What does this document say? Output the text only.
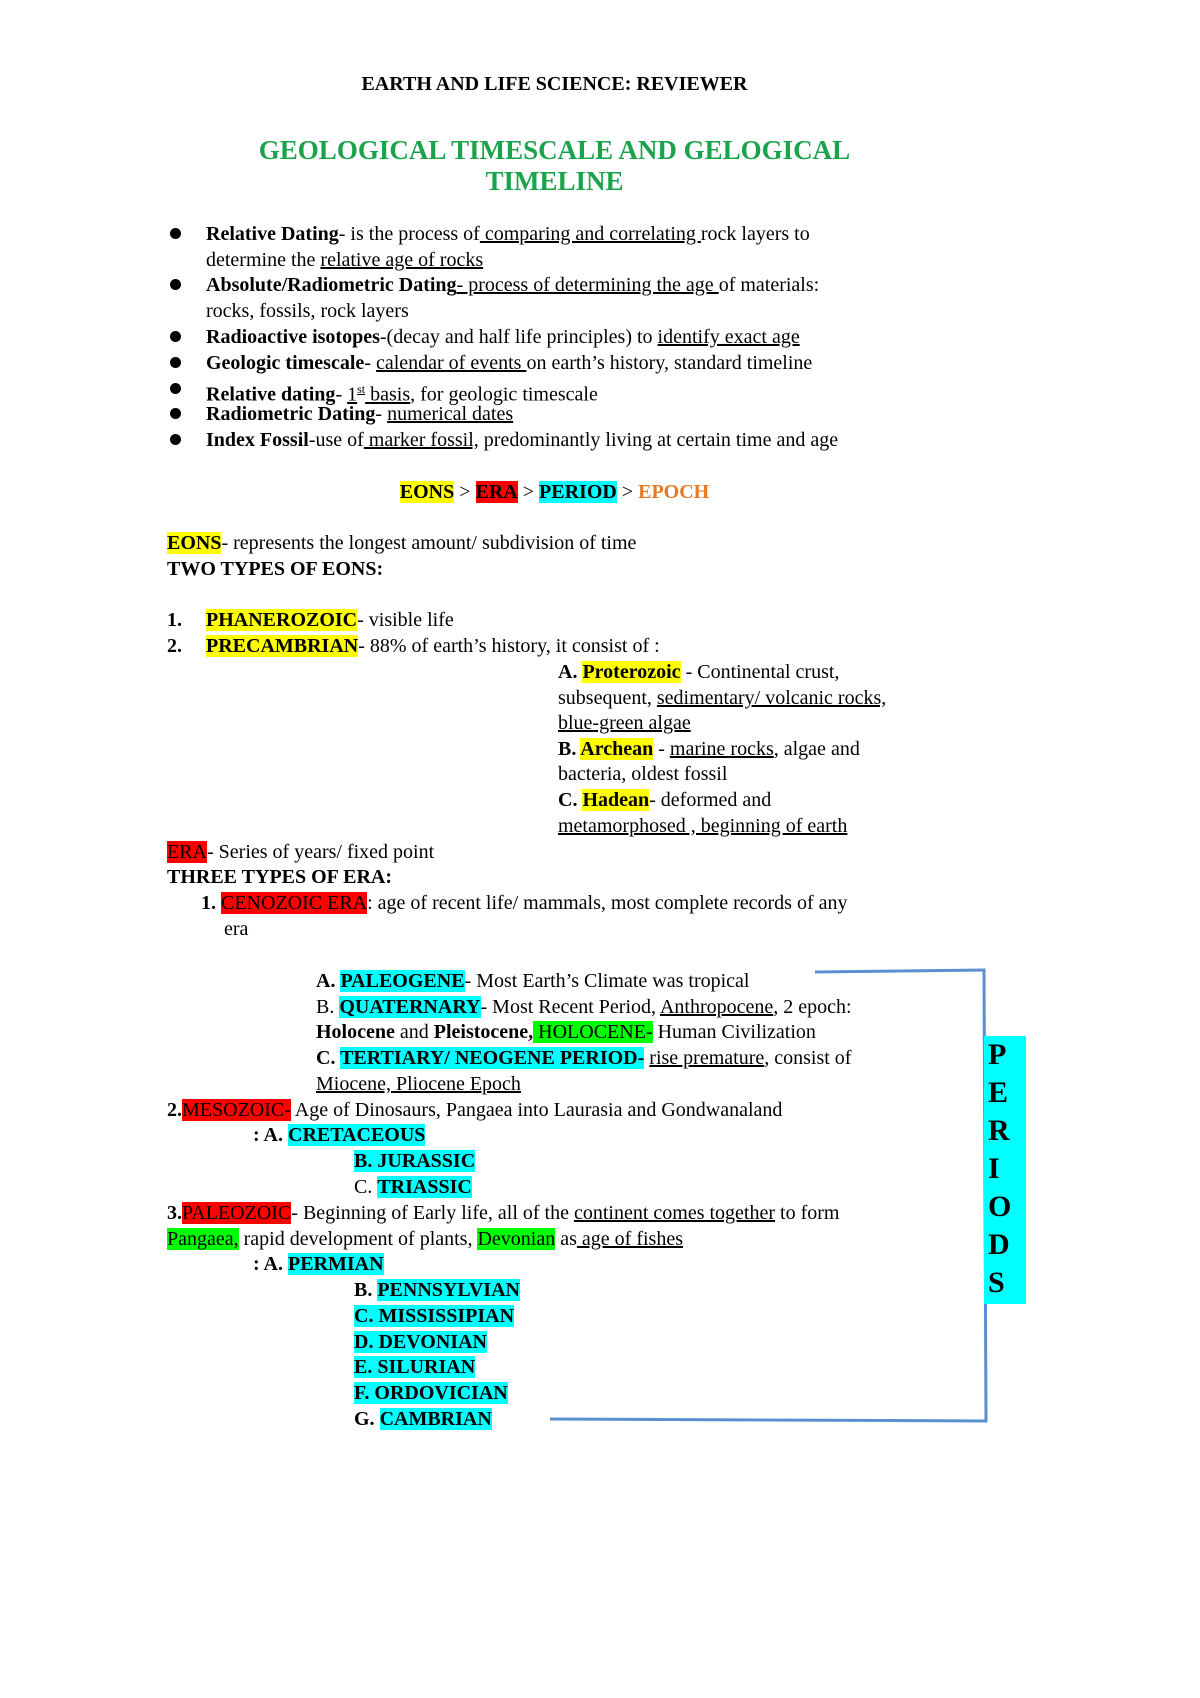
EARTH AND LIFE SCIENCE: REVIEWER
GEOLOGICAL TIMESCALE AND GELOGICAL
TIMELINE
Relative Dating- is the process of comparing and correlating rock layers to
determine the relative age of rocks
Absolute/Radiometric Dating- process of determining the age of materials:
rocks, fossils, rock layers
Radioactive isotopes-(decay and half life principles) to identify exact age
Geologic timescale- calendar of events on earth’s history, standard timeline
Relative dating- 1st basis, for geologic timescale
Radiometric Dating- numerical dates
Index Fossil-use of marker fossil, predominantly living at certain time and age
EONS > ERA > PERIOD > EPOCH
EONS- represents the longest amount/ subdivision of time
TWO TYPES OF EONS:
1. PHANEROZOIC- visible life
2. PRECAMBRIAN- 88% of earth’s history, it consist of :
A. Proterozoic - Continental crust,
subsequent, sedimentary/ volcanic rocks,
blue-green algae
B. Archean - marine rocks, algae and
bacteria, oldest fossil
C. Hadean- deformed and
metamorphosed , beginning of earth
ERA- Series of years/ fixed point
THREE TYPES OF ERA:
1. CENOZOIC ERA: age of recent life/ mammals, most complete records of any
era
A. PALEOGENE- Most Earth’s Climate was tropical
B. QUATERNARY- Most Recent Period, Anthropocene, 2 epoch:
Holocene and Pleistocene, HOLOCENE- Human Civilization
C. TERTIARY/ NEOGENE PERIOD- rise premature, consist of
Miocene, Pliocene Epoch
2.MESOZOIC- Age of Dinosaurs, Pangaea into Laurasia and Gondwanaland
: A. CRETACEOUS
B. JURASSIC
C. TRIASSIC
3.PALEOZOIC- Beginning of Early life, all of the continent comes together to form
Pangaea, rapid development of plants, Devonian as age of fishes
: A. PERMIAN
B. PENNSYLVIAN
C. MISSISSIPIAN
D. DEVONIAN
E. SILURIAN
F. ORDOVICIAN
G. CAMBRIAN
P
E
R
I
O
D
S
